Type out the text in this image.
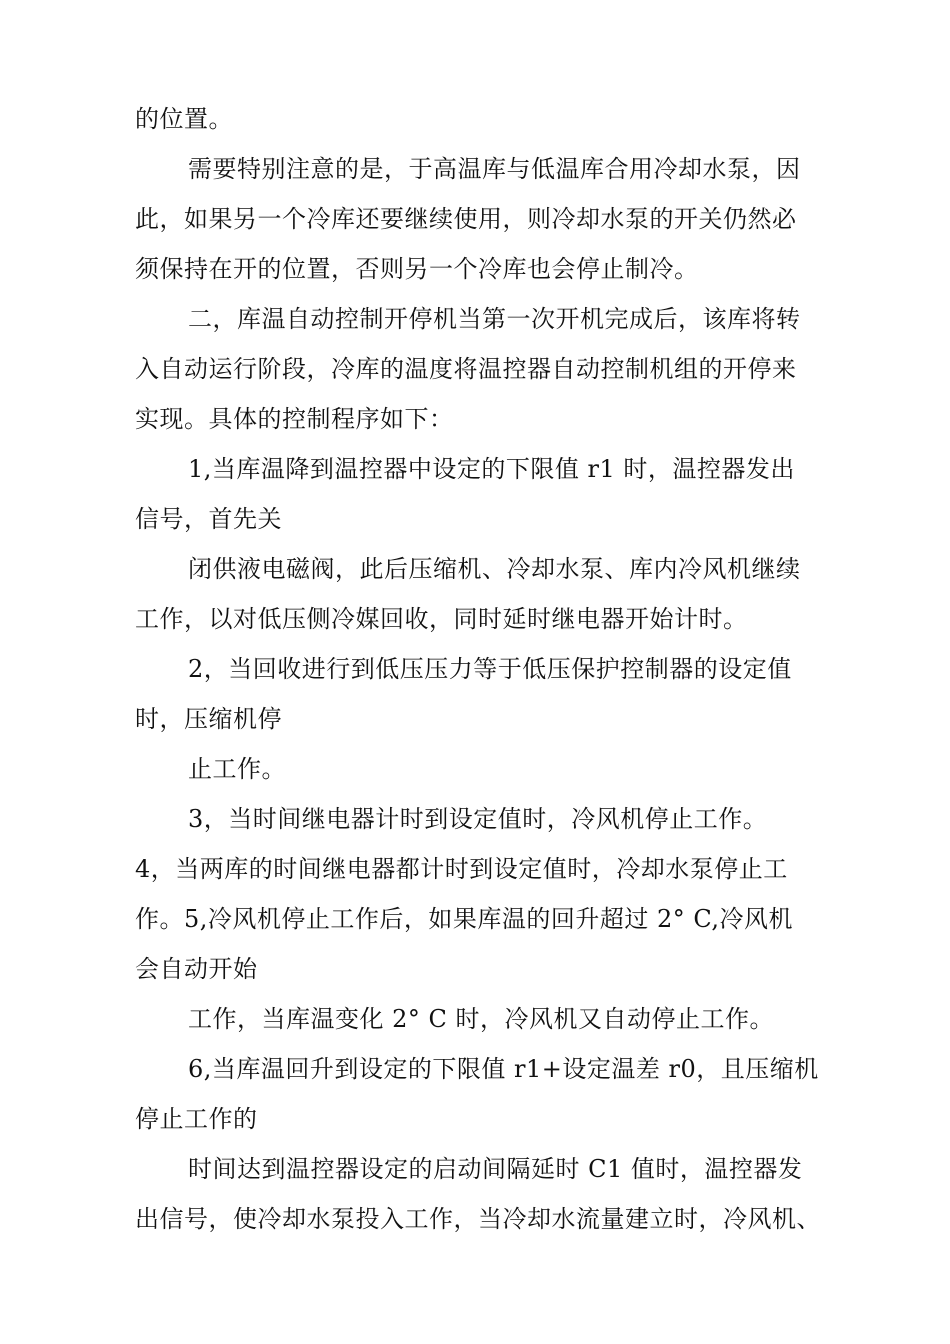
的位置。
需要特别注意的是，于高温库与低温库合用冷却水泵，因
此，如果另一个冷库还要继续使用，则冷却水泵的开关仍然必
须保持在开的位置，否则另一个冷库也会停止制冷。
二，库温自动控制开停机当第一次开机完成后，该库将转
入自动运行阶段，冷库的温度将温控器自动控制机组的开停来
实现。具体的控制程序如下：
1,当库温降到温控器中设定的下限值 r1 时，温控器发出
信号，首先关
闭供液电磁阀，此后压缩机、冷却水泵、库内冷风机继续
工作，以对低压侧冷媒回收，同时延时继电器开始计时。
2，当回收进行到低压压力等于低压保护控制器的设定值
时，压缩机停
止工作。
3，当时间继电器计时到设定值时，冷风机停止工作。
4，当两库的时间继电器都计时到设定值时，冷却水泵停止工
作。5,冷风机停止工作后，如果库温的回升超过 2° C,冷风机
会自动开始
工作，当库温变化 2° C 时，冷风机又自动停止工作。
6,当库温回升到设定的下限值 r1+设定温差 r0，且压缩机
停止工作的
时间达到温控器设定的启动间隔延时 C1 值时，温控器发
出信号，使冷却水泵投入工作，当冷却水流量建立时，冷风机、
